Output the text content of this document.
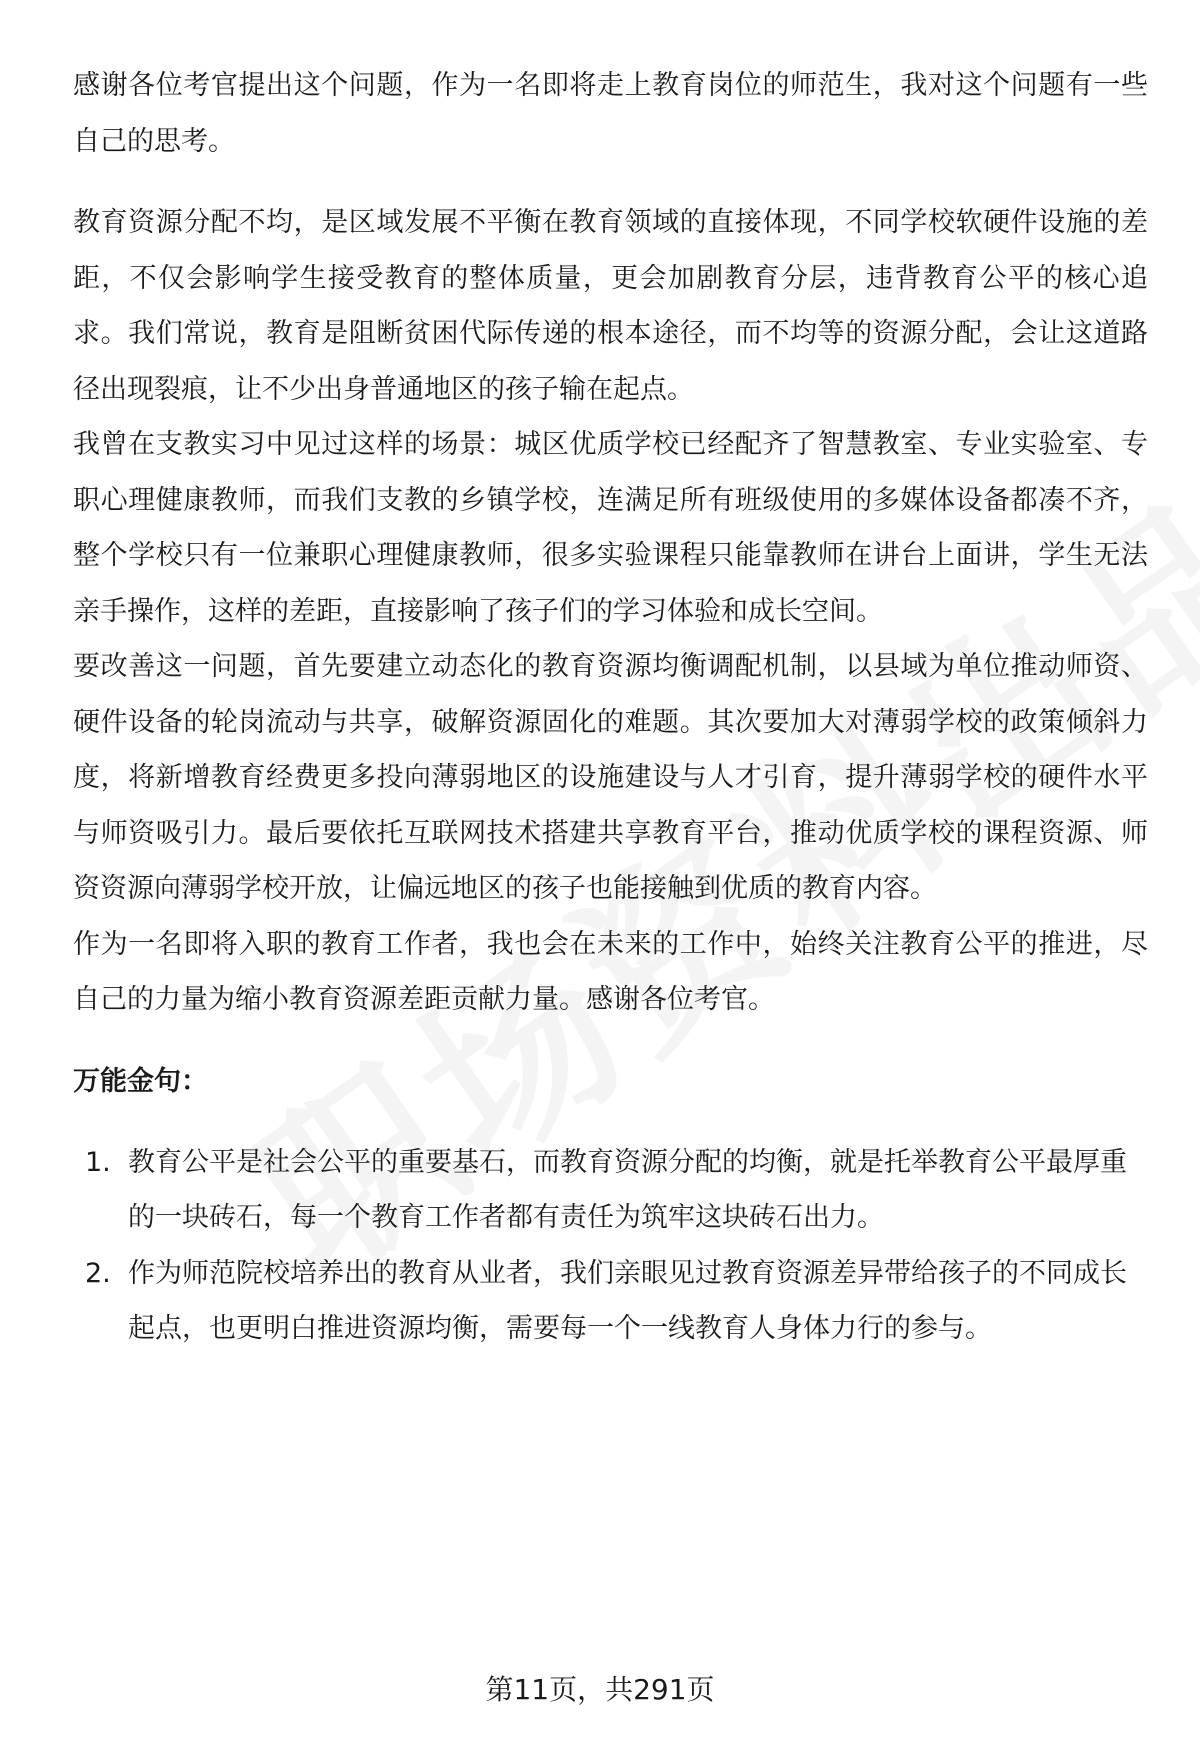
感谢各位考官提出这个问题，作为一名即将走上教育岗位的师范生，我对这个问题有一些自己的思考。

教育资源分配不均，是区域发展不平衡在教育领域的直接体现，不同学校软硬件设施的差距，不仅会影响学生接受教育的整体质量，更会加剧教育分层，违背教育公平的核心追求。我们常说，教育是阻断贫困代际传递的根本途径，而不均等的资源分配，会让这道路径出现裂痕，让不少出身普通地区的孩子输在起点。

我曾在支教实习中见过这样的场景：城区优质学校已经配齐了智慧教室、专业实验室、专职心理健康教师，而我们支教的乡镇学校，连满足所有班级使用的多媒体设备都凑不齐，整个学校只有一位兼职心理健康教师，很多实验课程只能靠教师在讲台上面讲，学生无法亲手操作，这样的差距，直接影响了孩子们的学习体验和成长空间。

要改善这一问题，首先要建立动态化的教育资源均衡调配机制，以县域为单位推动师资、硬件设备的轮岗流动与共享，破解资源固化的难题。其次要加大对薄弱学校的政策倾斜力度，将新增教育经费更多投向薄弱地区的设施建设与人才引育，提升薄弱学校的硬件水平与师资吸引力。最后要依托互联网技术搭建共享教育平台，推动优质学校的课程资源、师资资源向薄弱学校开放，让偏远地区的孩子也能接触到优质的教育内容。

作为一名即将入职的教育工作者，我也会在未来的工作中，始终关注教育公平的推进，尽自己的力量为缩小教育资源差距贡献力量。感谢各位考官。

万能金句：

1. 教育公平是社会公平的重要基石，而教育资源分配的均衡，就是托举教育公平最厚重的一块砖石，每一个教育工作者都有责任为筑牢这块砖石出力。
2. 作为师范院校培养出的教育从业者，我们亲眼见过教育资源差异带给孩子的不同成长起点，也更明白推进资源均衡，需要每一个一线教育人身体力行的参与。
第11页，共291页
